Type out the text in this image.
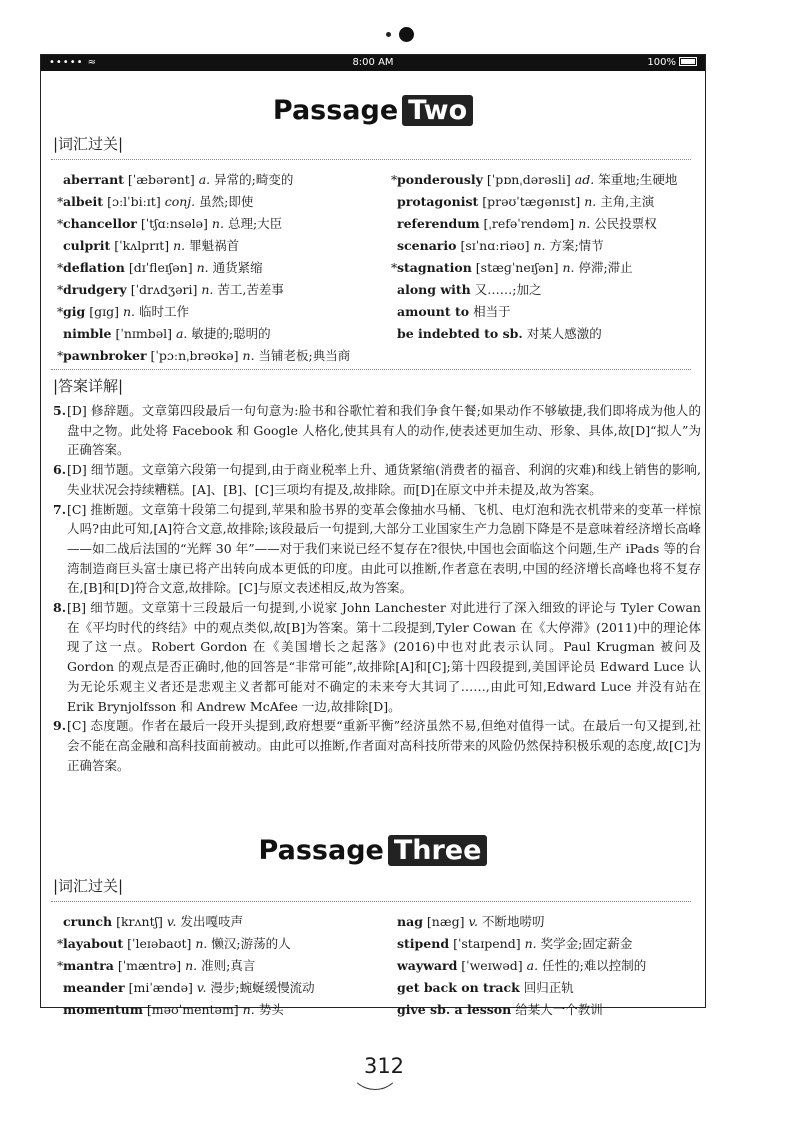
••••• ≈	8:00 AM	100%
Passage Two
|词汇过关|
aberrant [ˈæbərənt] a. 异常的;畸变的
*albeit [ɔːlˈbiːɪt] conj. 虽然;即使
*chancellor [ˈtʃɑːnsələ] n. 总理;大臣
culprit [ˈkʌlprɪt] n. 罪魁祸首
*deflation [dɪˈfleɪʃən] n. 通货紧缩
*drudgery [ˈdrʌdʒəri] n. 苦工,苦差事
*gig [gɪg] n. 临时工作
nimble [ˈnɪmbəl] a. 敏捷的;聪明的
*pawnbroker [ˈpɔːnˌbrəʊkə] n. 当铺老板;典当商
*ponderously [ˈpɒnˌdərəsli] ad. 笨重地;生硬地
protagonist [prəʊˈtægənɪst] n. 主角,主演
referendum [ˌrefəˈrendəm] n. 公民投票权
scenario [sɪˈnɑːriəʊ] n. 方案;情节
*stagnation [stæɡˈneɪʃən] n. 停滞;滞止
along with 又……;加之
amount to 相当于
be indebted to sb. 对某人感激的
|答案详解|
5. [D] 修辞题。文章第四段最后一句句意为:脸书和谷歌忙着和我们争食午餐;如果动作不够敏捷,我们即将成为他人的盘中之物。此处将 Facebook 和 Google 人格化,使其具有人的动作,使表述更加生动、形象、具体,故[D]“拟人”为正确答案。
6. [D] 细节题。文章第六段第一句提到,由于商业税率上升、通货紧缩(消费者的福音、利润的灾难)和线上销售的影响,失业状况会持续糟糕。[A]、[B]、[C]三项均有提及,故排除。而[D]在原文中并未提及,故为答案。
7. [C] 推断题。文章第十段第二句提到,苹果和脸书界的变革会像抽水马桶、飞机、电灯泡和洗衣机带来的变革一样惊人吗?由此可知,[A]符合文意,故排除;该段最后一句提到,大部分工业国家生产力急剧下降是不是意味着经济增长高峰——如二战后法国的“光辉 30 年”——对于我们来说已经不复存在?很快,中国也会面临这个问题,生产 iPads 等的台湾制造商巨头富士康已将产出转向成本更低的印度。由此可以推断,作者意在表明,中国的经济增长高峰也将不复存在,[B]和[D]符合文意,故排除。[C]与原文表述相反,故为答案。
8. [B] 细节题。文章第十三段最后一句提到,小说家 John Lanchester 对此进行了深入细致的评论与 Tyler Cowan 在《平均时代的终结》中的观点类似,故[B]为答案。第十二段提到,Tyler Cowan 在《大停滞》(2011)中的理论体现了这一点。Robert Gordon 在《美国增长之起落》(2016)中也对此表示认同。Paul Krugman 被问及 Gordon 的观点是否正确时,他的回答是“非常可能”,故排除[A]和[C];第十四段提到,美国评论员 Edward Luce 认为无论乐观主义者还是悲观主义者都可能对不确定的未来夸大其词了……,由此可知,Edward Luce 并没有站在 Erik Brynjolfsson 和 Andrew McAfee 一边,故排除[D]。
9. [C] 态度题。作者在最后一段开头提到,政府想要“重新平衡”经济虽然不易,但绝对值得一试。在最后一句又提到,社会不能在高金融和高科技面前被动。由此可以推断,作者面对高科技所带来的风险仍然保持积极乐观的态度,故[C]为正确答案。
Passage Three
|词汇过关|
crunch [krʌntʃ] v. 发出嘎吱声
*layabout [ˈleɪəbaʊt] n. 懒汉;游荡的人
*mantra [ˈmæntrə] n. 准则;真言
meander [miˈændə] v. 漫步;蜿蜒缓慢流动
momentum [məʊˈmentəm] n. 势头
nag [næg] v. 不断地唠叨
stipend [ˈstaɪpend] n. 奖学金;固定薪金
wayward [ˈweɪwəd] a. 任性的;难以控制的
get back on track 回归正轨
give sb. a lesson 给某人一个教训
312
